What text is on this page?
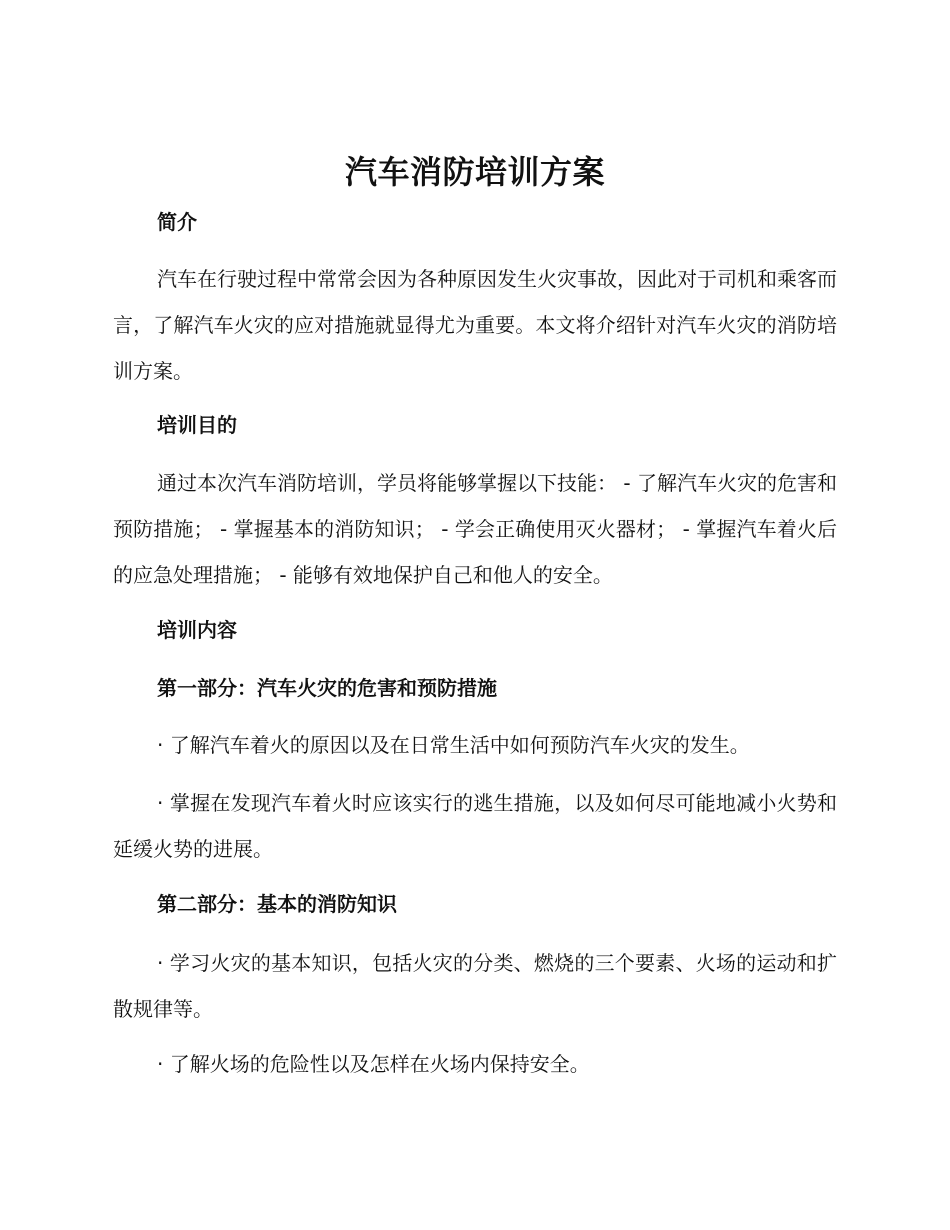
汽车消防培训方案
简介

汽车在行驶过程中常常会因为各种原因发生火灾事故，因此对于司机和乘客而言，了解汽车火灾的应对措施就显得尤为重要。本文将介绍针对汽车火灾的消防培训方案。

培训目的

通过本次汽车消防培训，学员将能够掌握以下技能： - 了解汽车火灾的危害和预防措施； - 掌握基本的消防知识； - 学会正确使用灭火器材； - 掌握汽车着火后的应急处理措施； - 能够有效地保护自己和他人的安全。

培训内容
第一部分：汽车火灾的危害和预防措施

· 了解汽车着火的原因以及在日常生活中如何预防汽车火灾的发生。

· 掌握在发现汽车着火时应该实行的逃生措施，以及如何尽可能地减小火势和延缓火势的进展。

第二部分：基本的消防知识

· 学习火灾的基本知识，包括火灾的分类、燃烧的三个要素、火场的运动和扩散规律等。

· 了解火场的危险性以及怎样在火场内保持安全。
